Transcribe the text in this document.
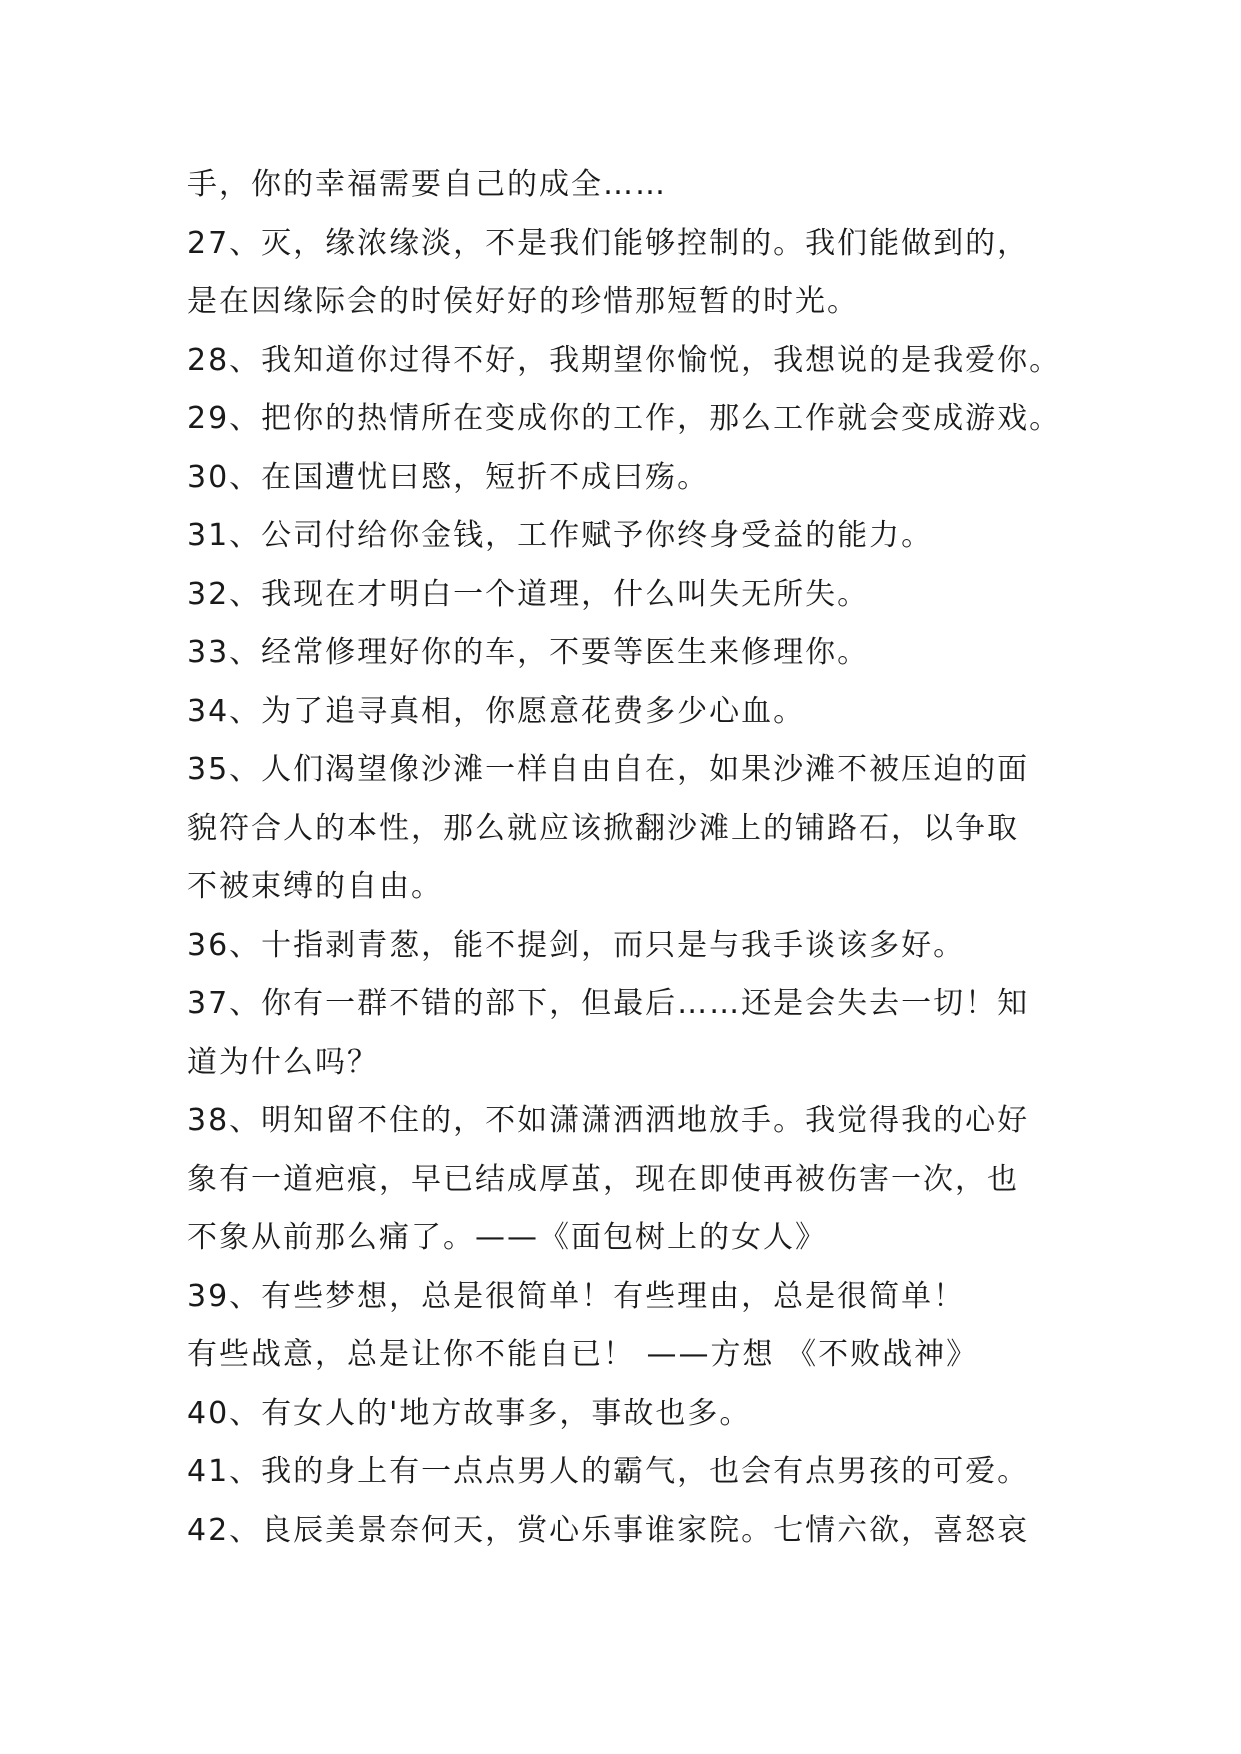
手，你的幸福需要自己的成全……
27、灭，缘浓缘淡，不是我们能够控制的。我们能做到的，
是在因缘际会的时侯好好的珍惜那短暂的时光。
28、我知道你过得不好，我期望你愉悦，我想说的是我爱你。
29、把你的热情所在变成你的工作，那么工作就会变成游戏。
30、在国遭忧曰愍，短折不成曰殇。
31、公司付给你金钱，工作赋予你终身受益的能力。
32、我现在才明白一个道理，什么叫失无所失。
33、经常修理好你的车，不要等医生来修理你。
34、为了追寻真相，你愿意花费多少心血。
35、人们渴望像沙滩一样自由自在，如果沙滩不被压迫的面
貌符合人的本性，那么就应该掀翻沙滩上的铺路石，以争取
不被束缚的自由。
36、十指剥青葱，能不提剑，而只是与我手谈该多好。
37、你有一群不错的部下，但最后……还是会失去一切！知
道为什么吗？
38、明知留不住的，不如潇潇洒洒地放手。我觉得我的心好
象有一道疤痕，早已结成厚茧，现在即使再被伤害一次，也
不象从前那么痛了。——《面包树上的女人》
39、有些梦想，总是很简单！有些理由，总是很简单！
有些战意，总是让你不能自已！ ——方想 《不败战神》
40、有女人的'地方故事多，事故也多。
41、我的身上有一点点男人的霸气，也会有点男孩的可爱。
42、良辰美景奈何天，赏心乐事谁家院。七情六欲，喜怒哀
